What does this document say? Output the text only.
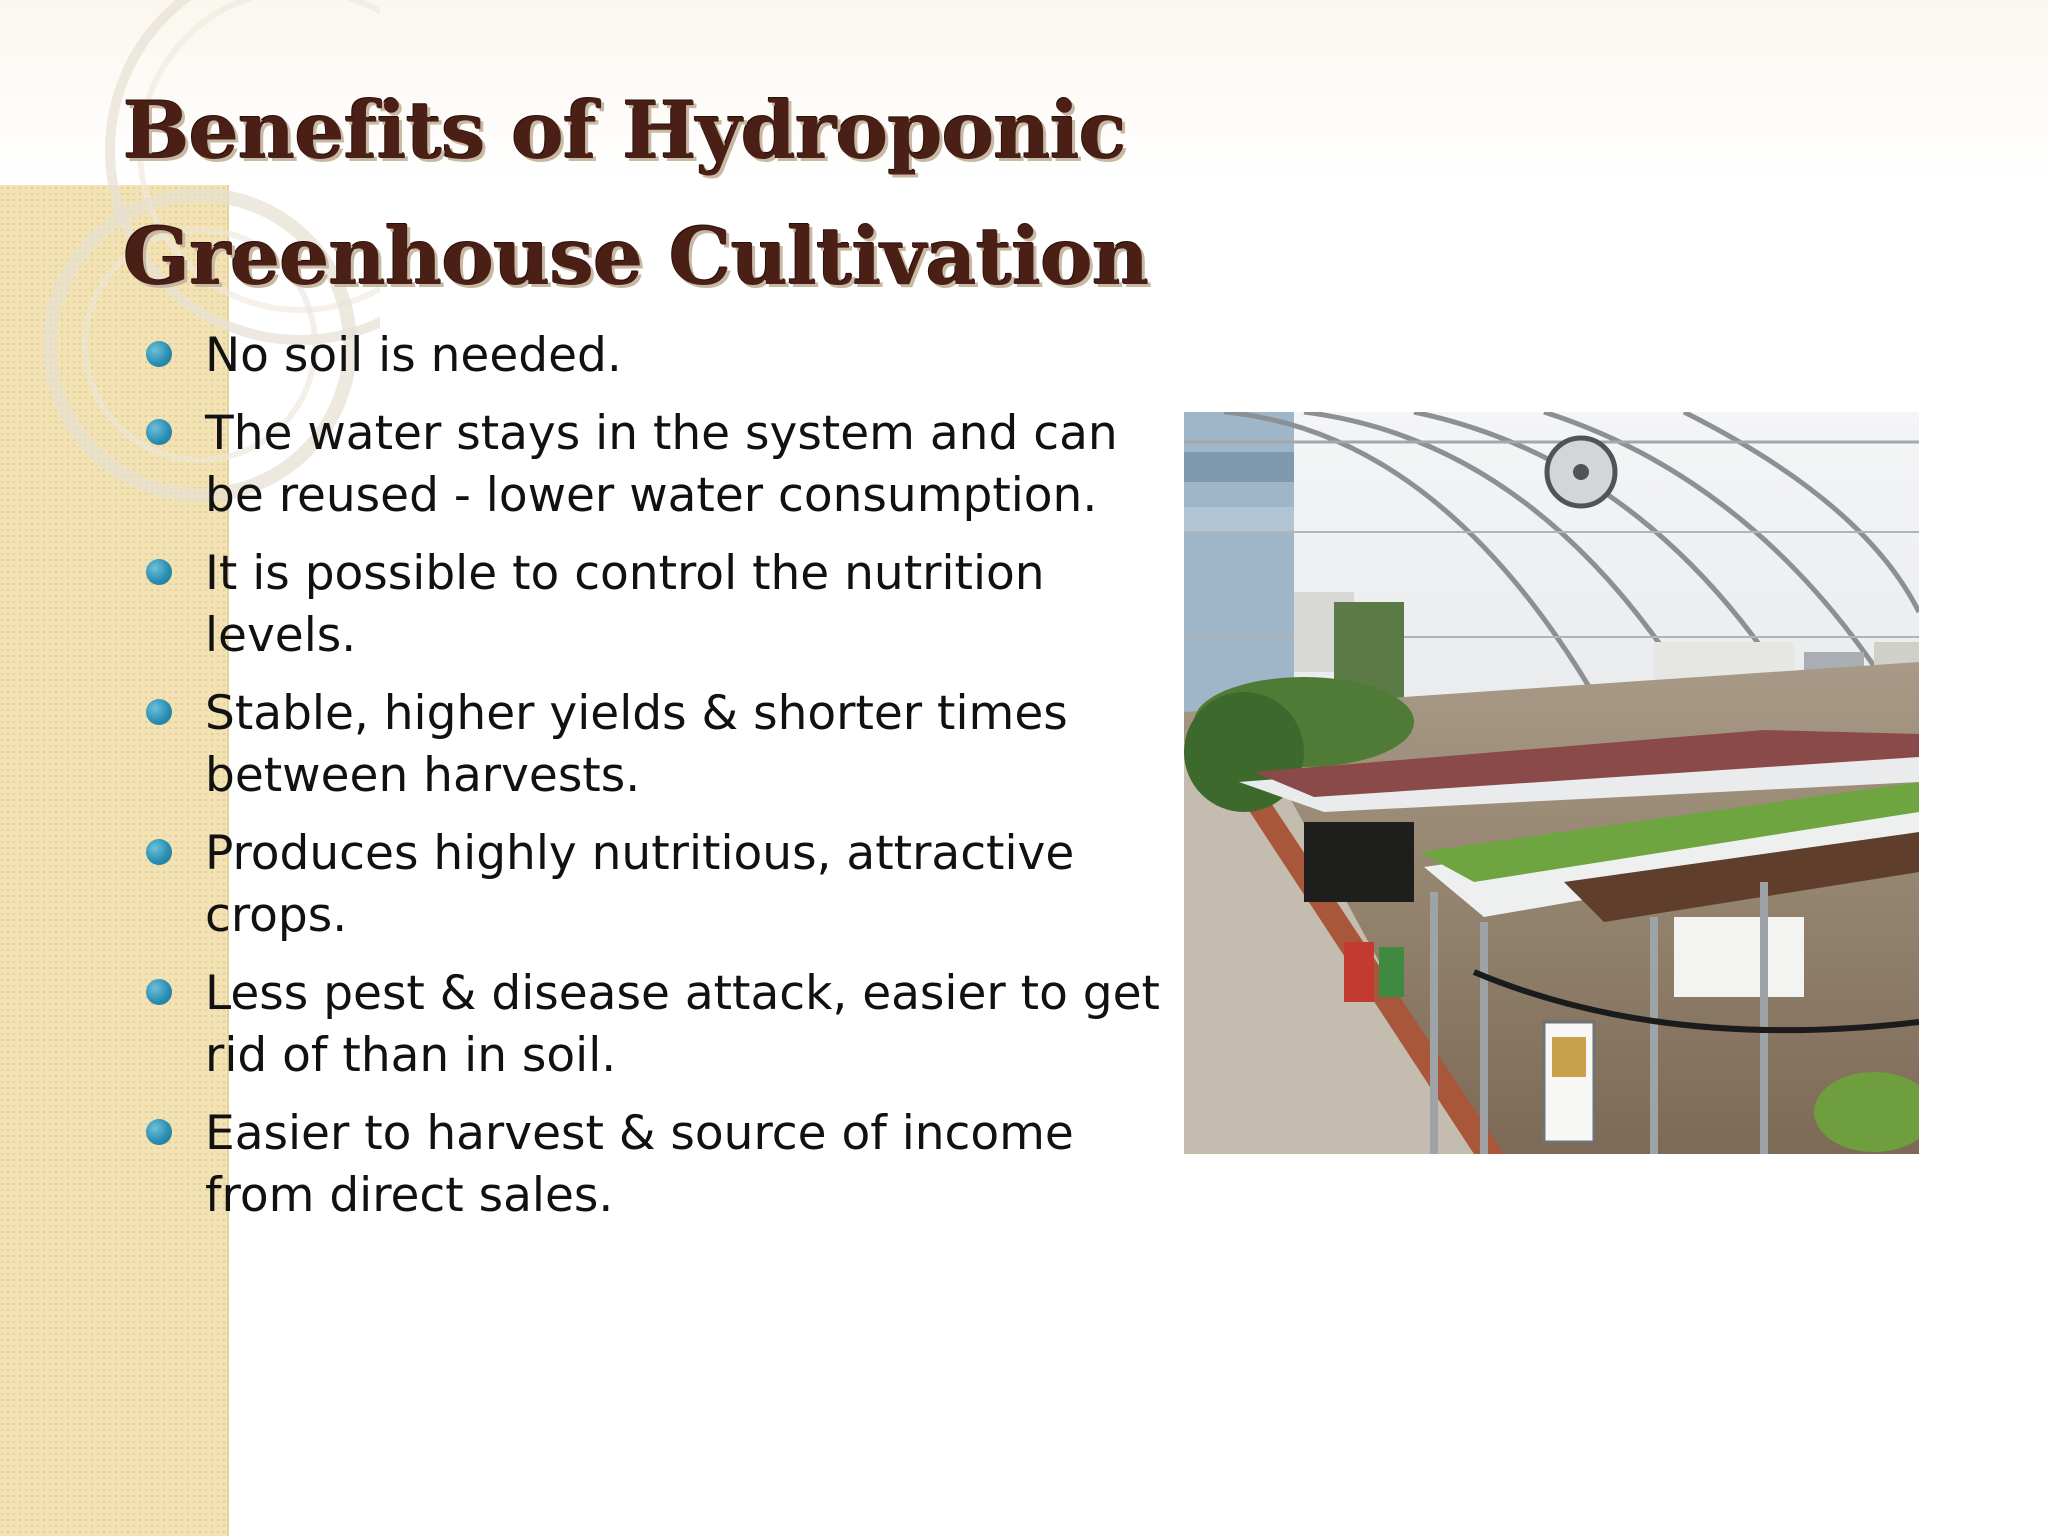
Benefits of Hydroponic
Greenhouse Cultivation
No soil is needed.
The water stays in the system and can be reused - lower water consumption.
It is possible to control the nutrition levels.
Stable, higher yields & shorter times between harvests.
Produces highly nutritious, attractive crops.
Less pest & disease attack, easier to get rid of than in soil.
Easier to harvest & source of income from direct sales.
